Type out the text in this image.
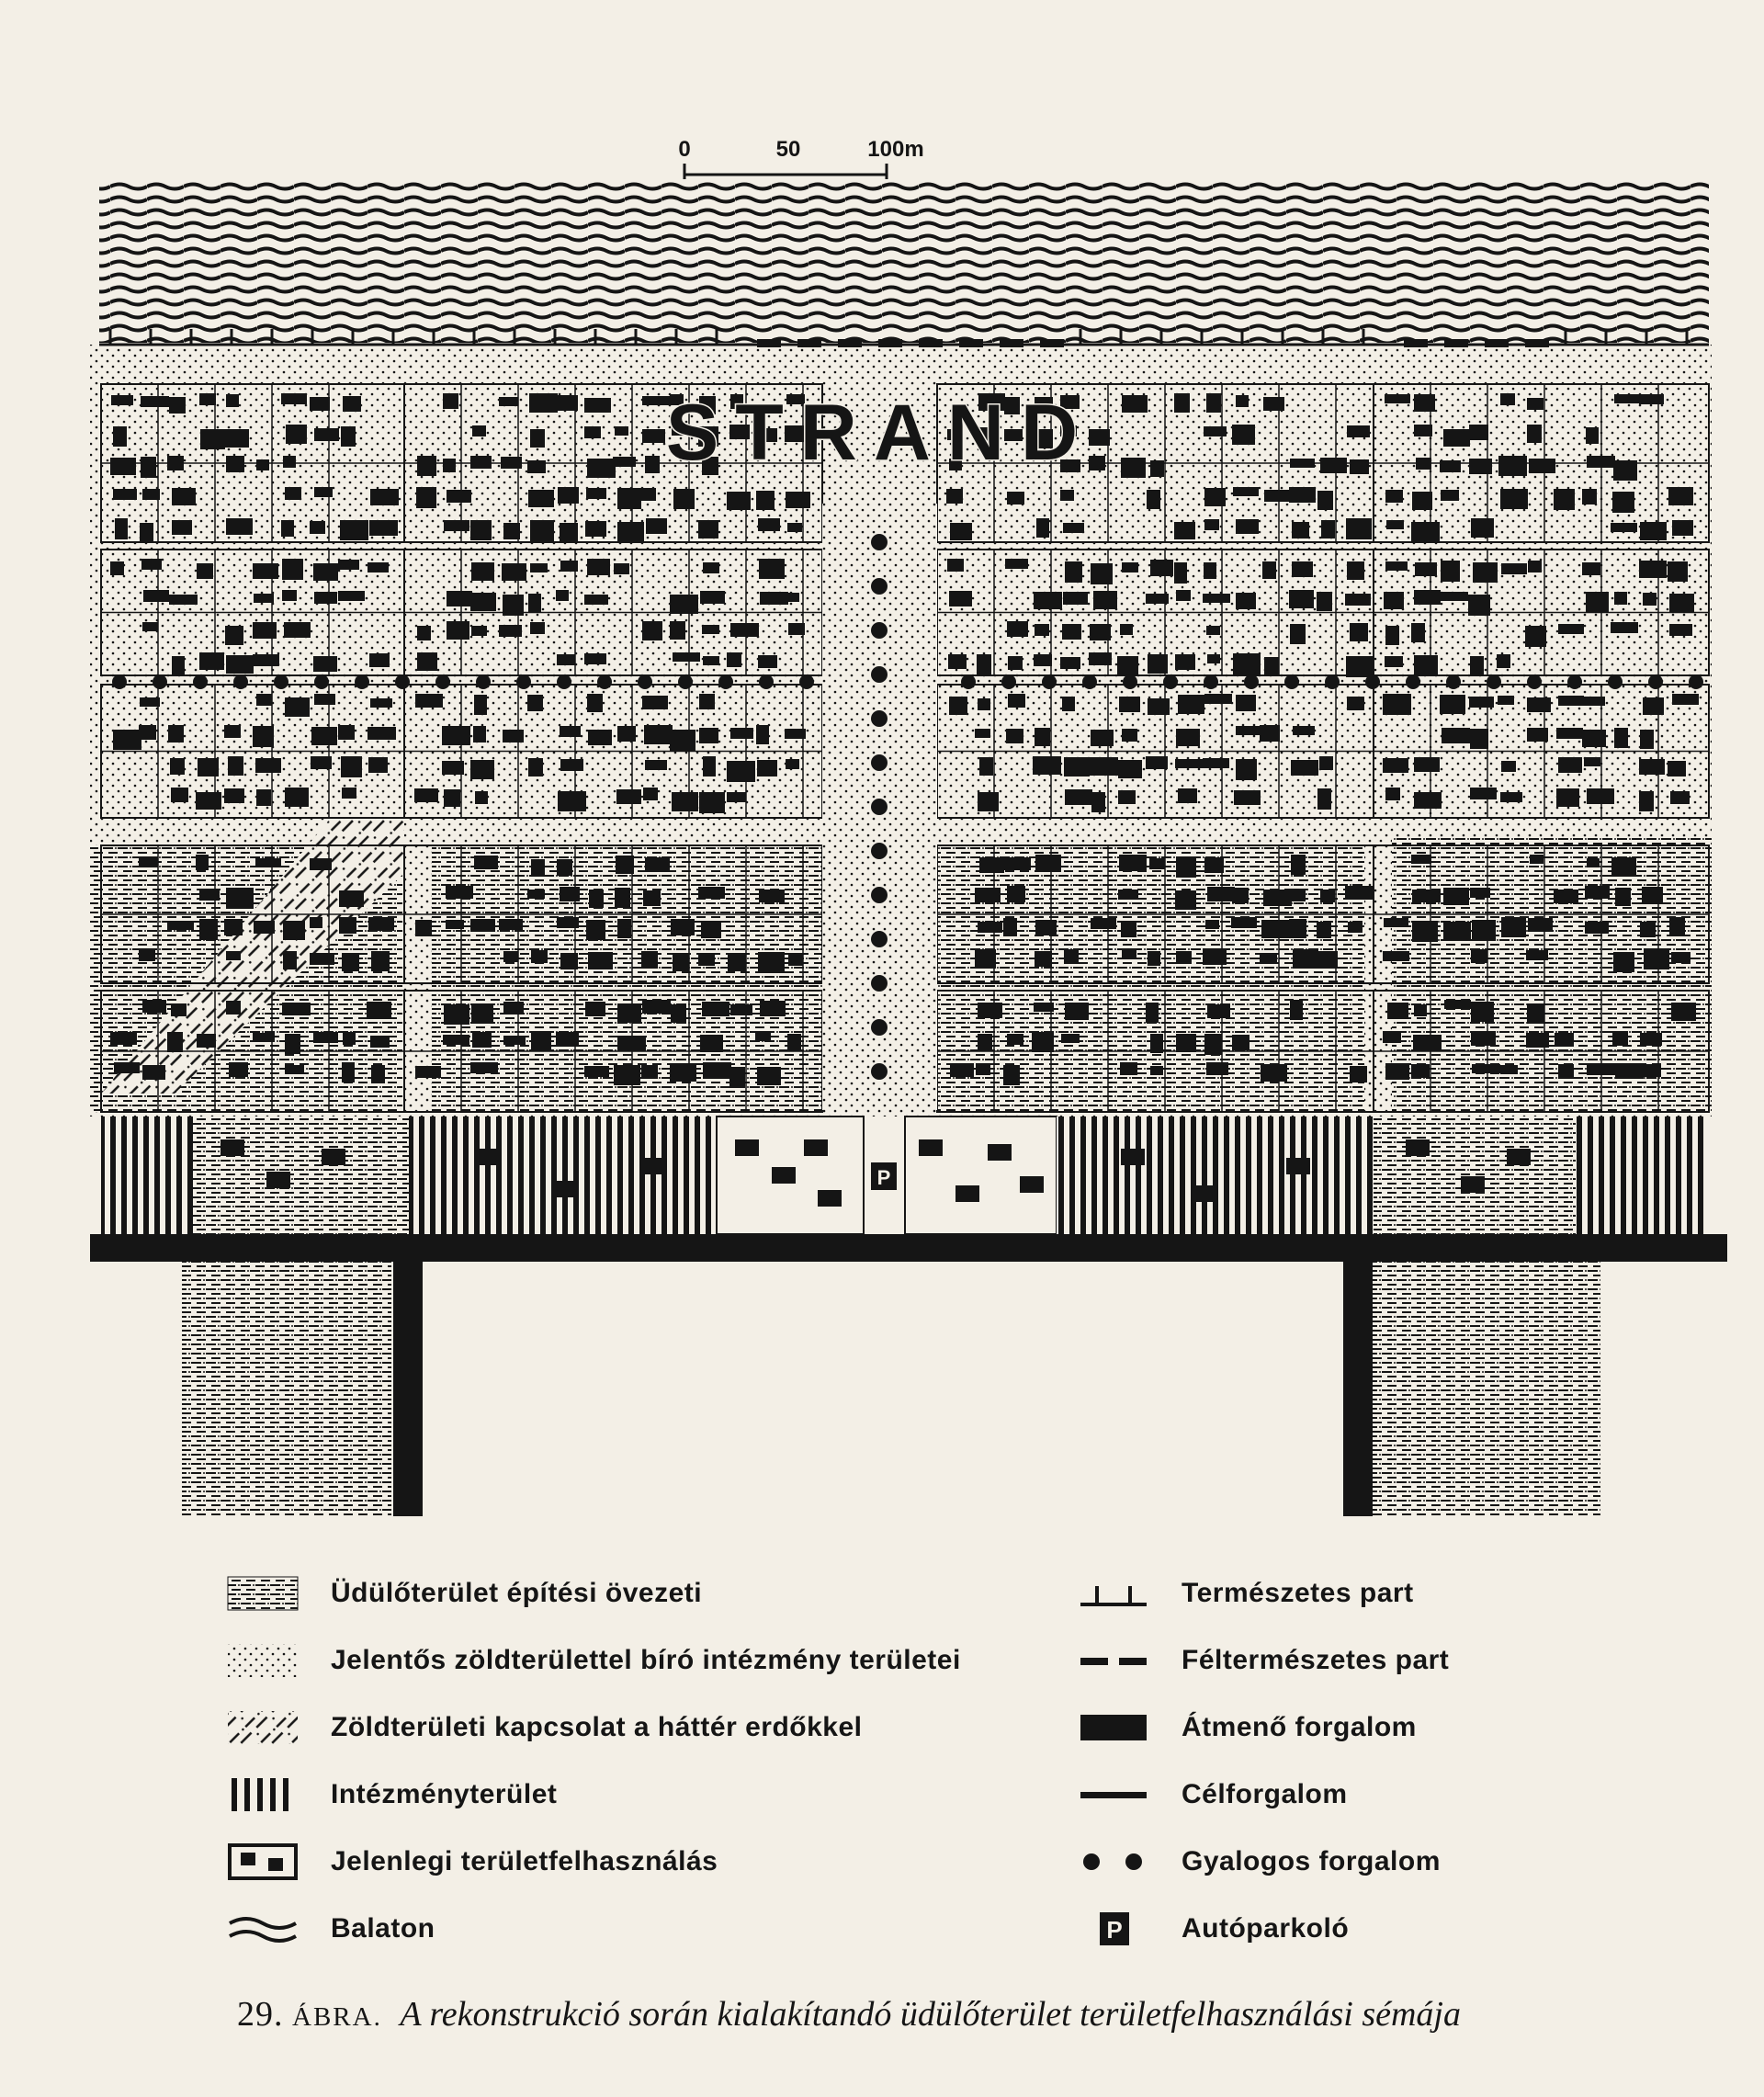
P
STRAND
0	50	100m
Üdülőterület építési övezeti
Jelentős zöldterülettel bíró intézmény területei
Zöldterületi kapcsolat a háttér erdőkkel
Intézményterület
Jelenlegi területfelhasználás
Balaton
Természetes part
Féltermészetes part
Átmenő forgalom
Célforgalom
Gyalogos forgalom
P Autóparkoló
29. ÁBRA. A rekonstrukció során kialakítandó üdülőterület területfelhasználási sémája
